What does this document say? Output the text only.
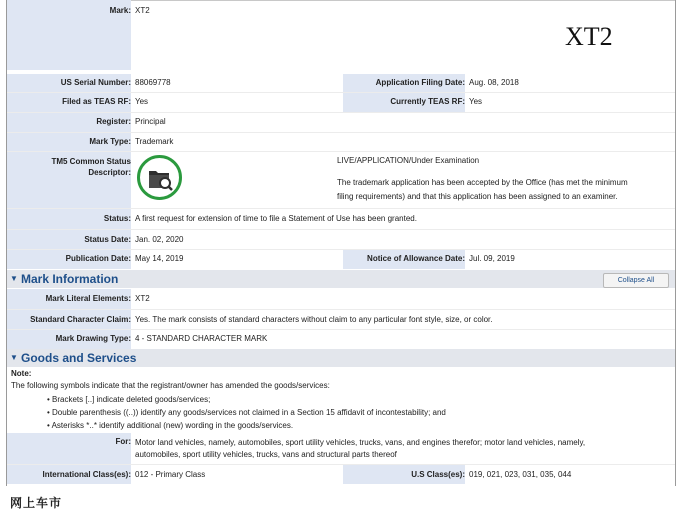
Mark: XT2
XT2
US Serial Number: 88069778	Application Filing Date: Aug. 08, 2018
Filed as TEAS RF: Yes	Currently TEAS RF: Yes
Register: Principal
Mark Type: Trademark
TM5 Common Status
Descriptor:
LIVE/APPLICATION/Under Examination
The trademark application has been accepted by the Office (has met the minimum
filing requirements) and that this application has been assigned to an examiner.
Status: A first request for extension of time to file a Statement of Use has been granted.
Status Date: Jan. 02, 2020
Publication Date: May 14, 2019	Notice of Allowance Date: Jul. 09, 2019
▼ Mark Information	Collapse All
Mark Literal Elements: XT2
Standard Character Claim: Yes. The mark consists of standard characters without claim to any particular font style, size, or color.
Mark Drawing Type: 4 - STANDARD CHARACTER MARK
▼ Goods and Services
Note:
The following symbols indicate that the registrant/owner has amended the goods/services:
• Brackets [..] indicate deleted goods/services;
• Double parenthesis ((..)) identify any goods/services not claimed in a Section 15 affidavit of incontestability; and
• Asterisks *..* identify additional (new) wording in the goods/services.
For: Motor land vehicles, namely, automobiles, sport utility vehicles, trucks, vans, and engines therefor; motor land vehicles, namely,
automobiles, sport utility vehicles, trucks, vans and structural parts thereof
International Class(es): 012 - Primary Class	U.S Class(es): 019, 021, 023, 031, 035, 044
网上车市
